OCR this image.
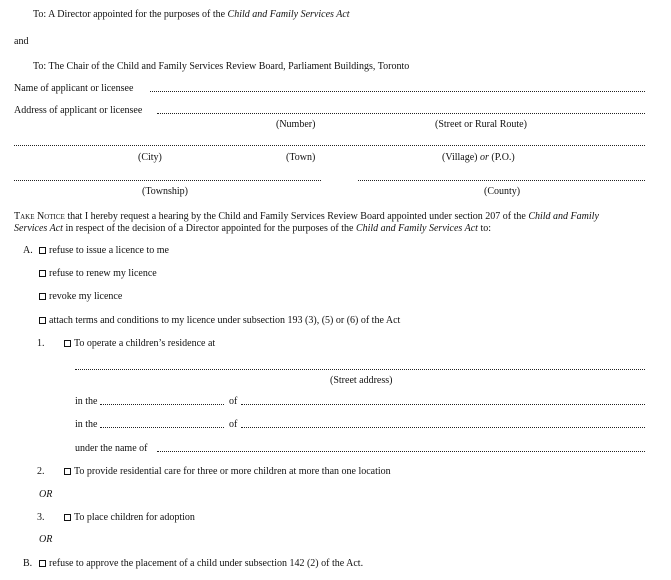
To: A Director appointed for the purposes of the Child and Family Services Act
and
To: The Chair of the Child and Family Services Review Board, Parliament Buildings, Toronto
Name of applicant or licensee
Address of applicant or licensee
(Number)	(Street or Rural Route)
(City)	(Town)	(Village) or (P.O.)
(Township)	(County)
Take Notice that I hereby request a hearing by the Child and Family Services Review Board appointed under section 207 of the Child and Family
Services Act in respect of the decision of a Director appointed for the purposes of the Child and Family Services Act to:
A.	refuse to issue a licence to me
refuse to renew my licence
revoke my licence
attach terms and conditions to my licence under subsection 193 (3), (5) or (6) of the Act
1.	To operate a children’s residence at
(Street address)
in the	of
in the	of
under the name of
2.	To provide residential care for three or more children at more than one location
OR
3.	To place children for adoption
OR
B.	refuse to approve the placement of a child under subsection 142 (2) of the Act.
